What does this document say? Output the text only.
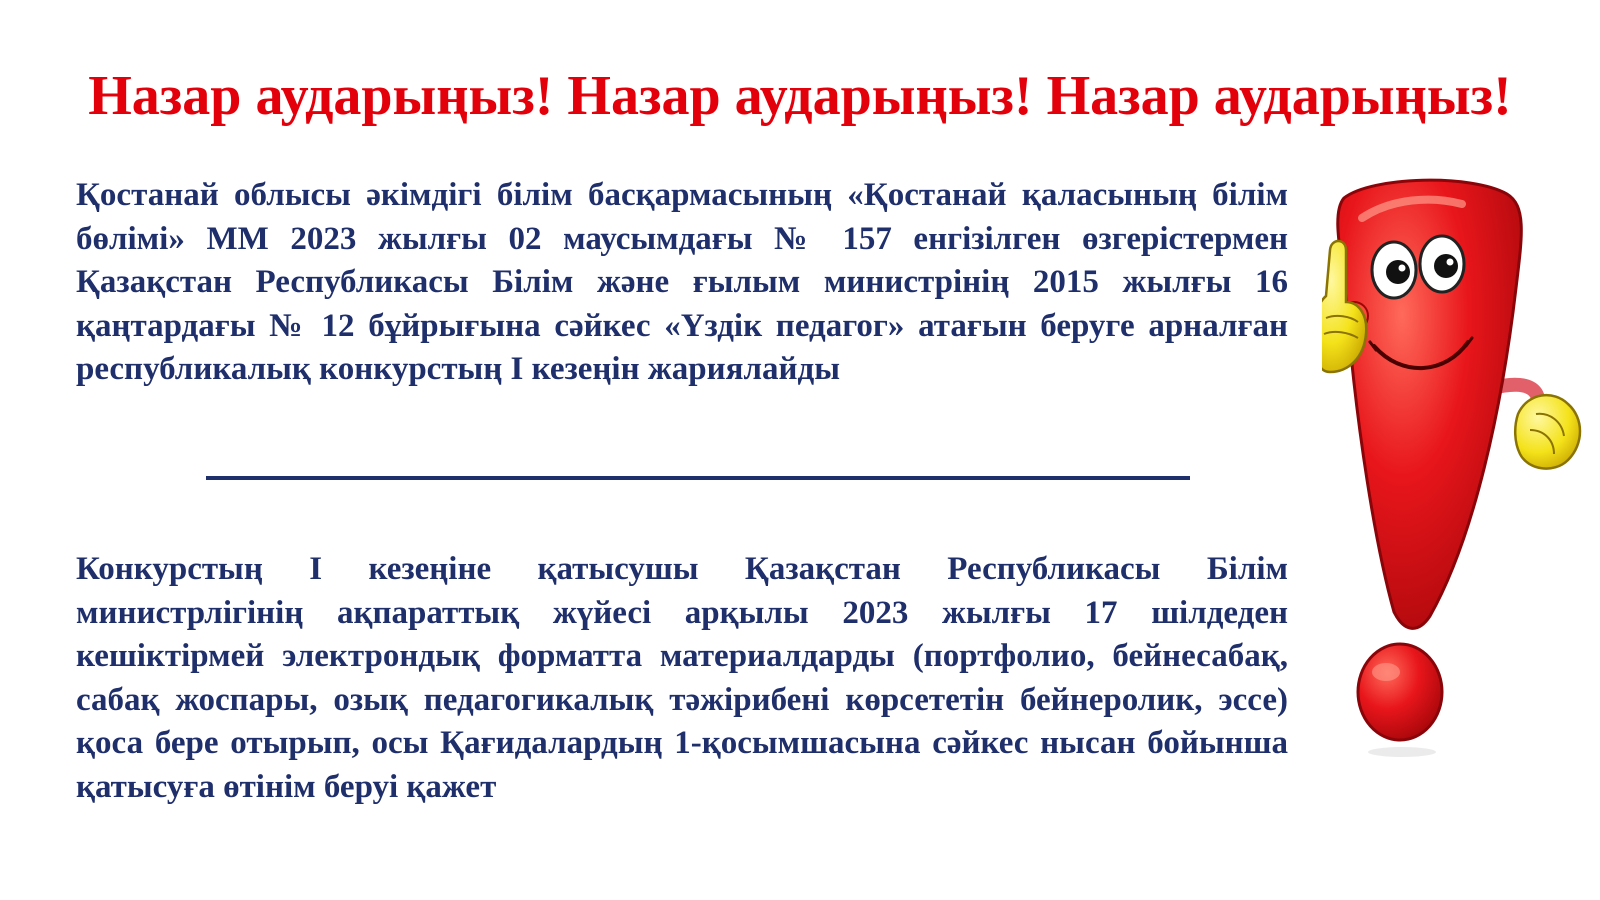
Назар аударыңыз! Назар аударыңыз! Назар аударыңыз!

Қостанай облысы әкімдігі білім басқармасының «Қостанай қаласының білім бөлімі» ММ 2023 жылғы 02 маусымдағы № 157 енгізілген өзгерістермен Қазақстан Республикасы Білім және ғылым министрінің 2015 жылғы 16 қаңтардағы № 12 бұйрығына сәйкес «Үздік педагог» атағын беруге арналған республикалық конкурстың I кезеңін жариялайды

Конкурстың I кезеңіне қатысушы Қазақстан Республикасы Білім министрлігінің ақпараттық жүйесі арқылы 2023 жылғы 17 шілдеден кешіктірмей электрондық форматта материалдарды (портфолио, бейнесабақ, сабақ жоспары, озық педагогикалық тәжірибені көрсететін бейнеролик, эссе) қоса бере отырып, осы Қағидалардың 1-қосымшасына сәйкес нысан бойынша қатысуға өтінім беруі қажет
